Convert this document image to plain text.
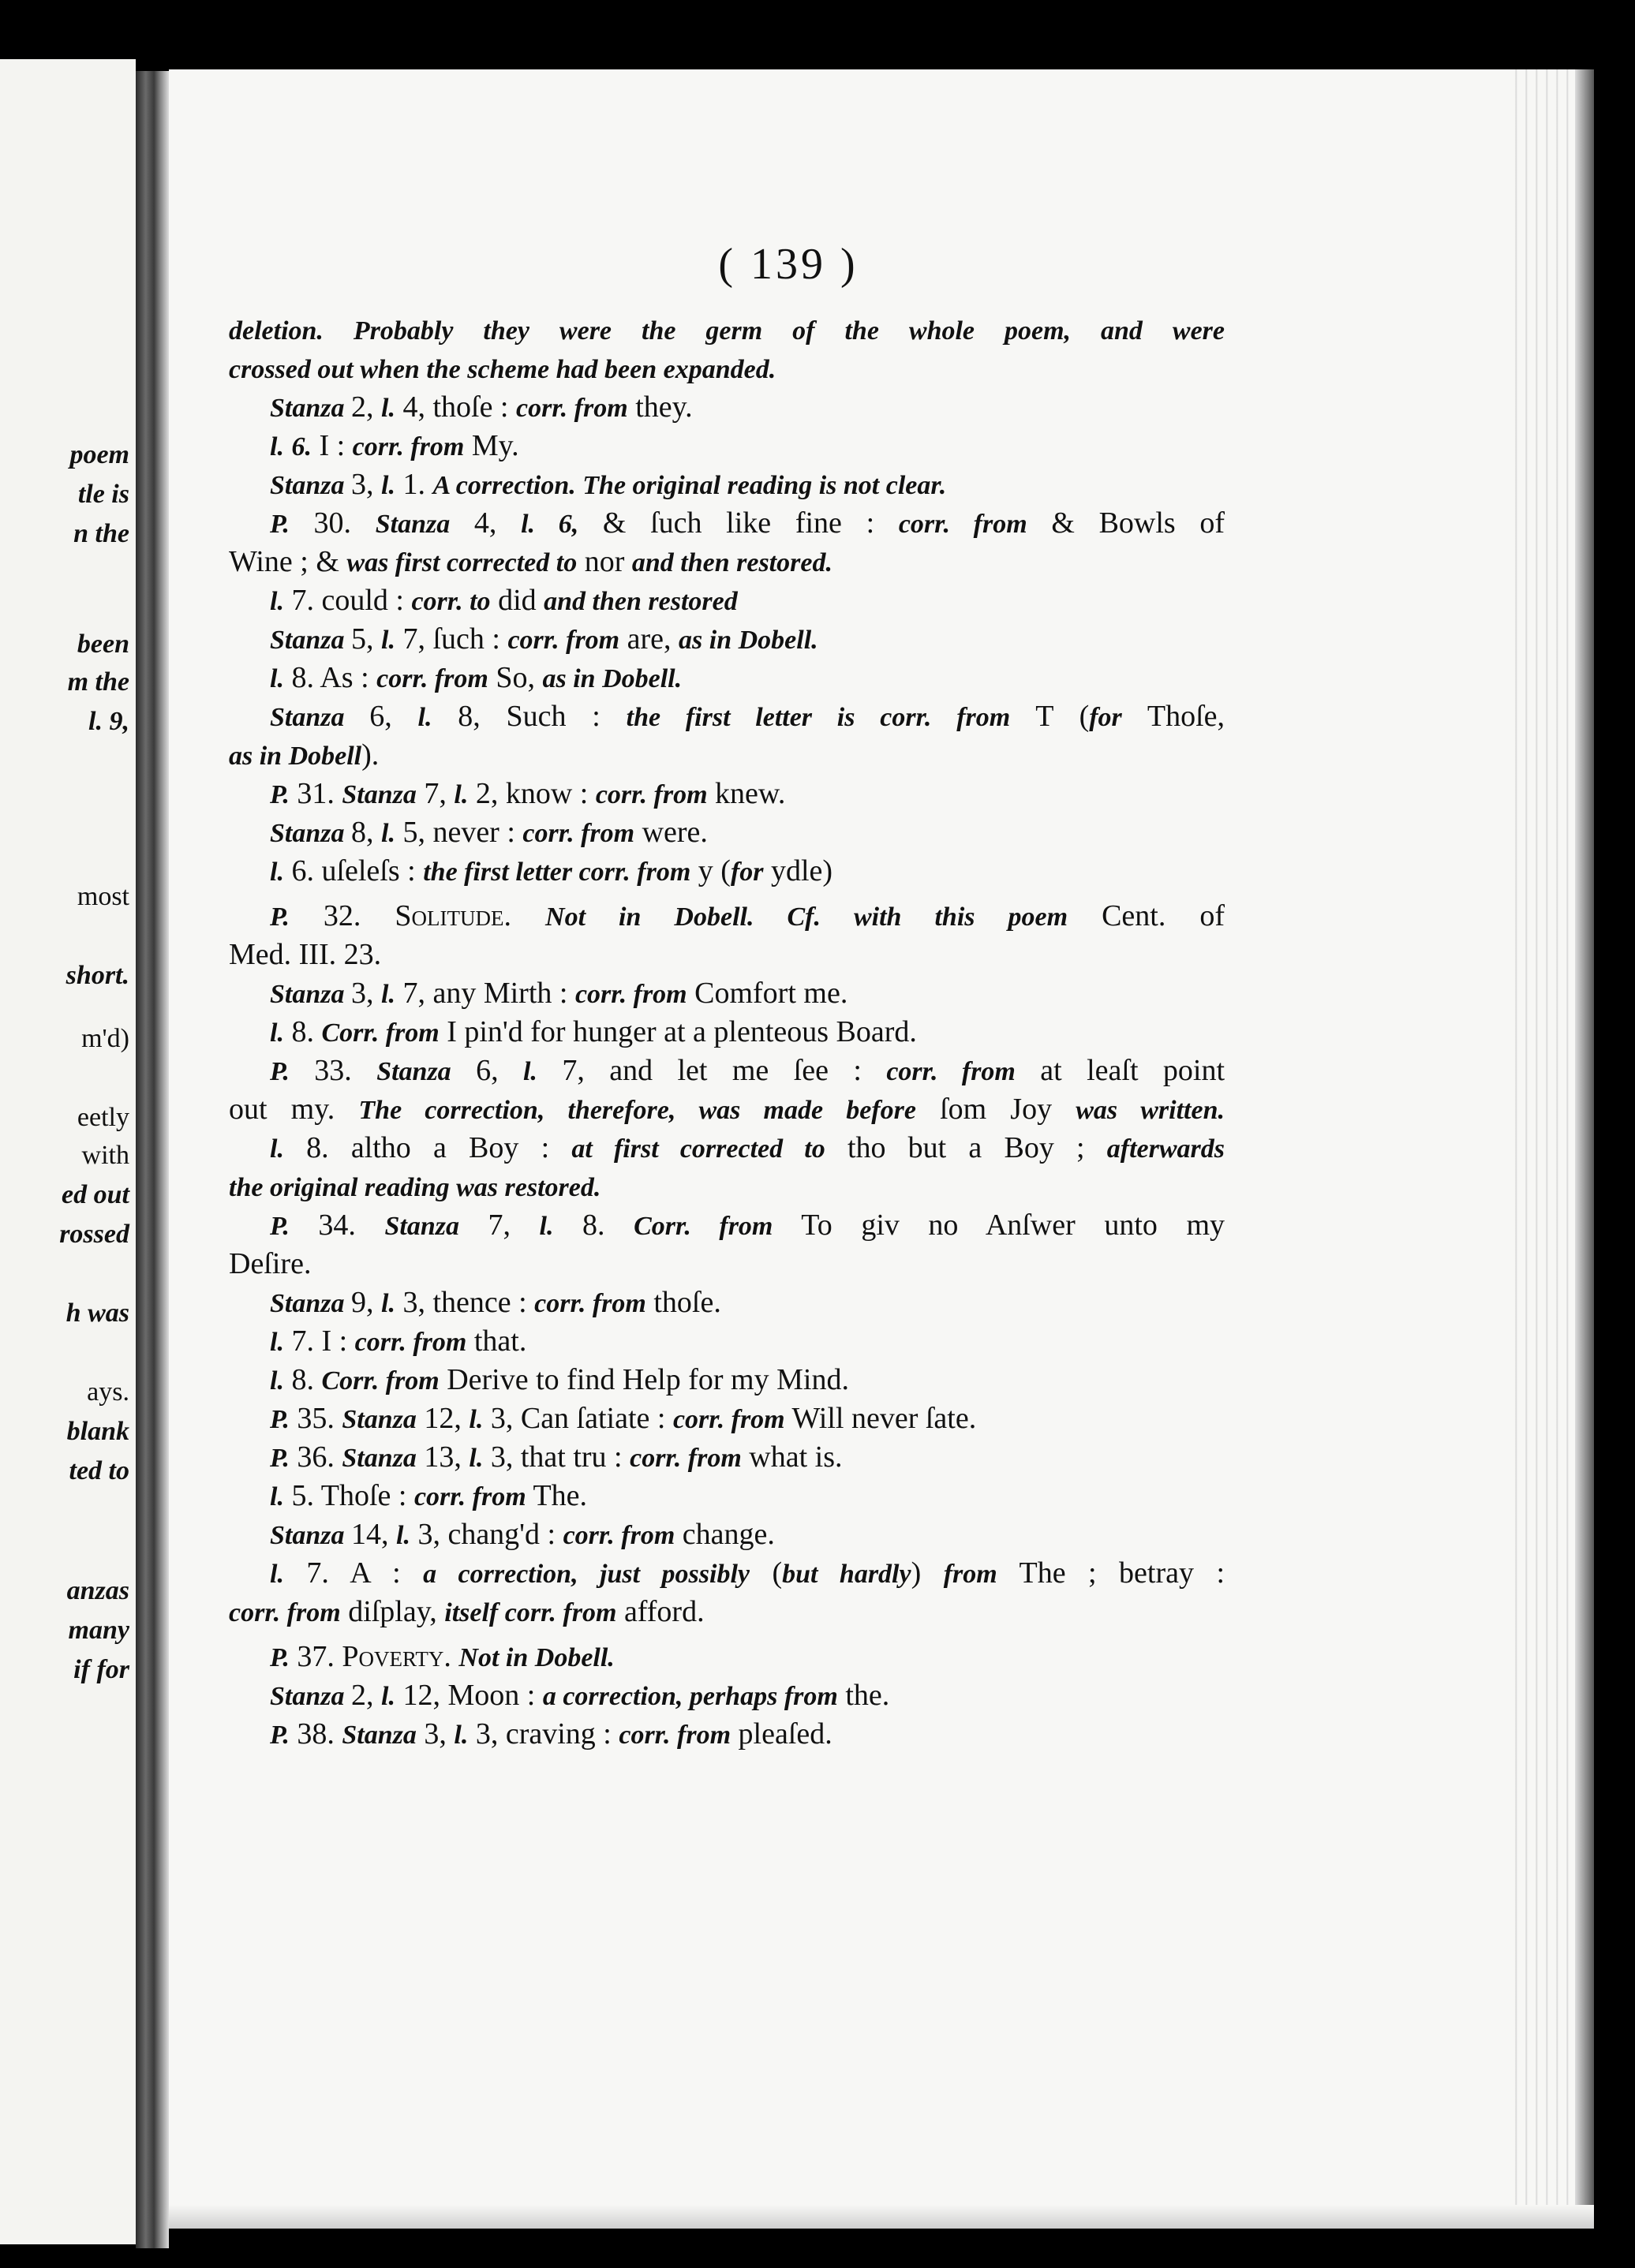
poem
tle is
n the
been
m the
l. 9,
most
short.
m'd)
eetly
with
ed out
rossed
h was
ays.
blank
ted to
anzas
many
if for
( 139 )
deletion. Probably they were the germ of the whole poem, and were
crossed out when the scheme had been expanded.
Stanza 2, l. 4, thoſe : corr. from they.
l. 6. I : corr. from My.
Stanza 3, l. 1. A correction. The original reading is not clear.
P. 30. Stanza 4, l. 6, & ſuch like fine : corr. from & Bowls of
Wine ; & was first corrected to nor and then restored.
l. 7. could : corr. to did and then restored
Stanza 5, l. 7, ſuch : corr. from are, as in Dobell.
l. 8. As : corr. from So, as in Dobell.
Stanza 6, l. 8, Such : the first letter is corr. from T (for Thoſe,
as in Dobell).
P. 31. Stanza 7, l. 2, know : corr. from knew.
Stanza 8, l. 5, never : corr. from were.
l. 6. uſeleſs : the first letter corr. from y (for ydle)
P. 32. Solitude. Not in Dobell. Cf. with this poem Cent. of
Med. III. 23.
Stanza 3, l. 7, any Mirth : corr. from Comfort me.
l. 8. Corr. from I pin'd for hunger at a plenteous Board.
P. 33. Stanza 6, l. 7, and let me ſee : corr. from at leaſt point
out my. The correction, therefore, was made before ſom Joy was written.
l. 8. altho a Boy : at first corrected to tho but a Boy ; afterwards
the original reading was restored.
P. 34. Stanza 7, l. 8. Corr. from To giv no Anſwer unto my
Deſire.
Stanza 9, l. 3, thence : corr. from thoſe.
l. 7. I : corr. from that.
l. 8. Corr. from Derive to find Help for my Mind.
P. 35. Stanza 12, l. 3, Can ſatiate : corr. from Will never ſate.
P. 36. Stanza 13, l. 3, that tru : corr. from what is.
l. 5. Thoſe : corr. from The.
Stanza 14, l. 3, chang'd : corr. from change.
l. 7. A : a correction, just possibly (but hardly) from The ; betray :
corr. from diſplay, itself corr. from afford.
P. 37. Poverty. Not in Dobell.
Stanza 2, l. 12, Moon : a correction, perhaps from the.
P. 38. Stanza 3, l. 3, craving : corr. from pleaſed.
